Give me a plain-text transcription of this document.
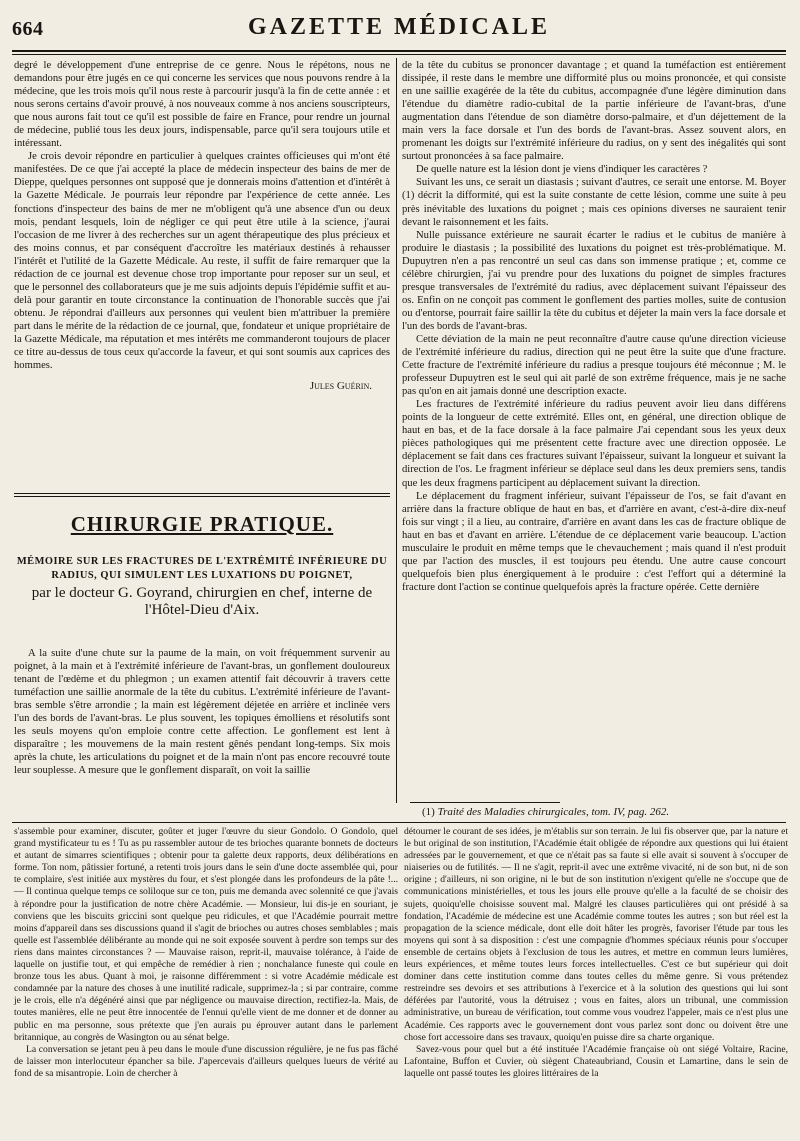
664	GAZETTE MÉDICALE

degré le développement d'une entreprise de ce genre. Nous le répétons, nous ne demandons pour être jugés en ce qui concerne les services que nous pouvons rendre à la médecine, que les trois mois qu'il nous reste à parcourir jusqu'à la fin de cette année : et nous serons certains d'avoir prouvé, à nos nouveaux comme à nos anciens souscripteurs, que nous aurons fait tout ce qu'il est possible de faire en France, pour rendre un journal de médecine, publié tous les deux jours, indispensable, parce qu'il sera toujours utile et intéressant.

Je crois devoir répondre en particulier à quelques craintes officieuses qui m'ont été manifestées. De ce que j'ai accepté la place de médecin inspecteur des bains de mer de Dieppe, quelques personnes ont supposé que je donnerais moins d'attention et d'intérêt à la Gazette Médicale. Je pourrais leur répondre par l'expérience de cette année. Les fonctions d'inspecteur des bains de mer ne m'obligent qu'à une absence d'un ou deux mois, pendant lesquels, loin de négliger ce qui peut être utile à la science, j'aurai l'occasion de me livrer à des recherches sur un agent thérapeutique des plus précieux et des moins connus, et par conséquent d'accroître les matériaux destinés à rehausser l'intérêt et l'utilité de la Gazette Médicale. Au reste, il suffit de faire remarquer que la rédaction de ce journal est devenue chose trop importante pour reposer sur un seul, et que le personnel des collaborateurs que je me suis adjoints depuis l'épidémie suffit et au-delà pour garantir en toute circonstance la continuation de l'honorable succès que j'ai obtenu. Je répondrai d'ailleurs aux personnes qui veulent bien m'attribuer la première part dans le mérite de la rédaction de ce journal, que, fondateur et unique propriétaire de la Gazette Médicale, ma réputation et mes intérêts me commanderont toujours de placer ce titre au-dessus de tous ceux qu'accorde la faveur, et qui sont soumis aux caprices des hommes.

Jules Guérin.
CHIRURGIE PRATIQUE.
MÉMOIRE SUR LES FRACTURES DE L'EXTRÉMITÉ INFÉRIEURE DU RADIUS, QUI SIMULENT LES LUXATIONS DU POIGNET,
par le docteur G. Goyrand, chirurgien en chef, interne de l'Hôtel-Dieu d'Aix.

A la suite d'une chute sur la paume de la main, on voit fréquemment survenir au poignet, à la main et à l'extrémité inférieure de l'avant-bras, un gonflement douloureux tenant de l'œdème et du phlegmon ; un examen attentif fait découvrir à travers cette tuméfaction une saillie anormale de la tête du cubitus. L'extrémité inférieure de l'avant-bras semble s'être arrondie ; la main est légèrement déjetée en arrière et inclinée vers l'un des bords de l'avant-bras. Le plus souvent, les topiques émolliens et résolutifs sont les seuls moyens qu'on emploie contre cette affection. Le gonflement est lent à disparaître ; les mouvemens de la main restent gênés pendant long-temps. Six mois après la chute, les articulations du poignet et de la main n'ont pas encore recouvré toute leur souplesse. A mesure que le gonflement disparaît, on voit la saillie

de la tête du cubitus se prononcer davantage ; et quand la tuméfaction est entièrement dissipée, il reste dans le membre une difformité plus ou moins prononcée, et qui consiste en une saillie exagérée de la tête du cubitus, accompagnée d'une légère diminution dans l'étendue du diamètre radio-cubital de la partie inférieure de l'avant-bras, d'une augmentation dans l'étendue de son diamètre dorso-palmaire, et d'un déjettement de la main vers la face dorsale et l'un des bords de l'avant-bras. Assez souvent alors, en promenant les doigts sur l'extrémité inférieure du radius, on y sent des inégalités qui sont surtout prononcées à sa face palmaire.

De quelle nature est la lésion dont je viens d'indiquer les caractères ?

Suivant les uns, ce serait un diastasis ; suivant d'autres, ce serait une entorse. M. Boyer (1) décrit la difformité, qui est la suite constante de cette lésion, comme une suite à peu près inévitable des luxations du poignet ; mais ces opinions diverses ne sauraient tenir devant le raisonnement et les faits.

Nulle puissance extérieure ne saurait écarter le radius et le cubitus de manière à produire le diastasis ; la possibilité des luxations du poignet est très-problématique. M. Dupuytren n'en a pas rencontré un seul cas dans son immense pratique ; et, comme ce célèbre chirurgien, j'ai vu prendre pour des luxations du poignet de simples fractures presque transversales de l'extrémité du radius, avec déplacement suivant l'épaisseur des os. Enfin on ne conçoit pas comment le gonflement des parties molles, suite de contusion ou d'entorse, pourrait faire saillir la tête du cubitus et déjeter la main vers la face dorsale et l'un des bords de l'avant-bras.

Cette déviation de la main ne peut reconnaître d'autre cause qu'une direction vicieuse de l'extrémité inférieure du radius, direction qui ne peut être la suite que d'une fracture. Cette fracture de l'extrémité inférieure du radius a presque toujours été méconnue ; M. le professeur Dupuytren est le seul qui ait parlé de son extrême fréquence, mais je ne sache pas qu'on en ait jamais donné une description exacte.

Les fractures de l'extrémité inférieure du radius peuvent avoir lieu dans différens points de la longueur de cette extrémité. Elles ont, en général, une direction oblique de haut en bas, et de la face dorsale à la face palmaire J'ai cependant sous les yeux deux pièces pathologiques qui me présentent cette fracture avec une direction opposée. Le déplacement se fait dans ces fractures suivant l'épaisseur, suivant la longueur et suivant la direction de l'os. Le fragment inférieur se déplace seul dans les deux premiers sens, tandis que les deux fragmens participent au déplacement suivant la direction.

Le déplacement du fragment inférieur, suivant l'épaisseur de l'os, se fait d'avant en arrière dans la fracture oblique de haut en bas, et d'arrière en avant, c'est-à-dire dix-neuf fois sur vingt ; il a lieu, au contraire, d'arrière en avant dans les cas de fracture oblique de haut en bas et d'avant en arrière. L'étendue de ce déplacement varie beaucoup. L'action musculaire le produit en même temps que le chevauchement ; mais quand il n'est produit que par l'action des muscles, il est toujours peu étendu. Une autre cause concourt quelquefois bien plus énergiquement à le produire : c'est l'effort qui a déterminé la fracture dont l'action se continue quelquefois après la fracture opérée. Cette dernière

(1) Traité des Maladies chirurgicales, tom. IV, pag. 262.

s'assemble pour examiner, discuter, goûter et juger l'œuvre du sieur Gondolo. O Gondolo, quel grand mystificateur tu es ! Tu as pu rassembler autour de tes brioches quarante bonnets de docteurs et autant de simarres scientifiques ; obtenir pour ta galette deux rapports, deux délibérations en forme. Ton nom, pâtissier fortuné, a retenti trois jours dans le sein d'une docte assemblée qui, pour te complaire, s'est initiée aux mystères du four, et s'est plongée dans les profondeurs de la pâte !... — Il continua quelque temps ce soliloque sur ce ton, puis me demanda avec solennité ce que j'avais à répondre pour la justification de notre chère Académie. — Monsieur, lui dis-je en souriant, je conviens que les biscuits griccini sont quelque peu ridicules, et que l'Académie pourrait mettre moins d'appareil dans ses discussions quand il s'agit de brioches ou autres choses semblables ; mais quelle est l'assemblée délibérante au monde qui ne soit exposée souvent à perdre son temps sur des riens dans maintes circonstances ? — Mauvaise raison, reprit-il, mauvaise tolérance, à l'aide de laquelle on justifie tout, et qui empêche de remédier à rien ; nonchalance funeste qui coule en bronze tous les abus. Quant à moi, je raisonne différemment : si votre Académie médicale est condamnée par la nature des choses à une inutilité radicale, supprimez-la ; si par contraire, comme je le crois, elle n'a dégénéré ainsi que par négligence ou mauvaise direction, rectifiez-la. Mais, de toutes manières, elle ne peut être innocentée de l'ennui qu'elle vient de me donner et de donner au public en ma personne, sous prétexte que j'en aurais pu éprouver autant dans le parlement britannique, au congrès de Wasington ou au sénat belge.

La conversation se jetant peu à peu dans le moule d'une discussion régulière, je ne fus pas fâché de laisser mon interlocuteur épancher sa bile. J'apercevais d'ailleurs quelques lueurs de vérité au fond de sa misantropie. Loin de chercher à

détourner le courant de ses idées, je m'établis sur son terrain. Je lui fis observer que, par la nature et le but original de son institution, l'Académie était obligée de répondre aux questions qui lui étaient adressées par le gouvernement, et que ce n'était pas sa faute si elle avait si souvent à s'occuper de niaiseries ou de futilités. — Il ne s'agit, reprit-il avec une extrême vivacité, ni de son but, ni de son origine ; d'ailleurs, ni son origine, ni le but de son institution n'exigent qu'elle ne s'occupe que de communications ministérielles, et tous les jours elle prouve qu'elle a la faculté de se choisir des sujets, quoiqu'elle choisisse souvent mal. Malgré les clauses particulières qui ont présidé à sa fondation, l'Académie de médecine est une Académie comme toutes les autres ; son but réel est la propagation de la science médicale, dont elle doit hâter les progrès, favoriser l'étude par tous les moyens qui sont à sa disposition : c'est une compagnie d'hommes spéciaux réunis pour s'occuper ensemble de certains objets à l'exclusion de tous les autres, et mettre en commun leurs lumières, leurs expériences, et même toutes leurs forces intellectuelles. C'est ce but supérieur qui doit dominer dans cette institution comme dans toutes celles du même genre. Si vous prétendez restreindre ses devoirs et ses attributions à l'exercice et à la solution des questions qui lui sont déférées par l'autorité, vous la détruisez ; vous en faites, alors un tribunal, une commission administrative, un bureau de vérification, tout comme vous voudrez l'appeler, mais ce n'est plus une Académie. Ces rapports avec le gouvernement dont vous parlez sont donc ou doivent être une chose fort accessoire dans ses travaux, quoiqu'en puisse dire sa charte organique.

Savez-vous pour quel but a été instituée l'Académie française où ont siégé Voltaire, Racine, Lafontaine, Buffon et Cuvier, où siègent Chateaubriand, Cousin et Lamartine, dans le sein de laquelle ont passé toutes les gloires littéraires de la
